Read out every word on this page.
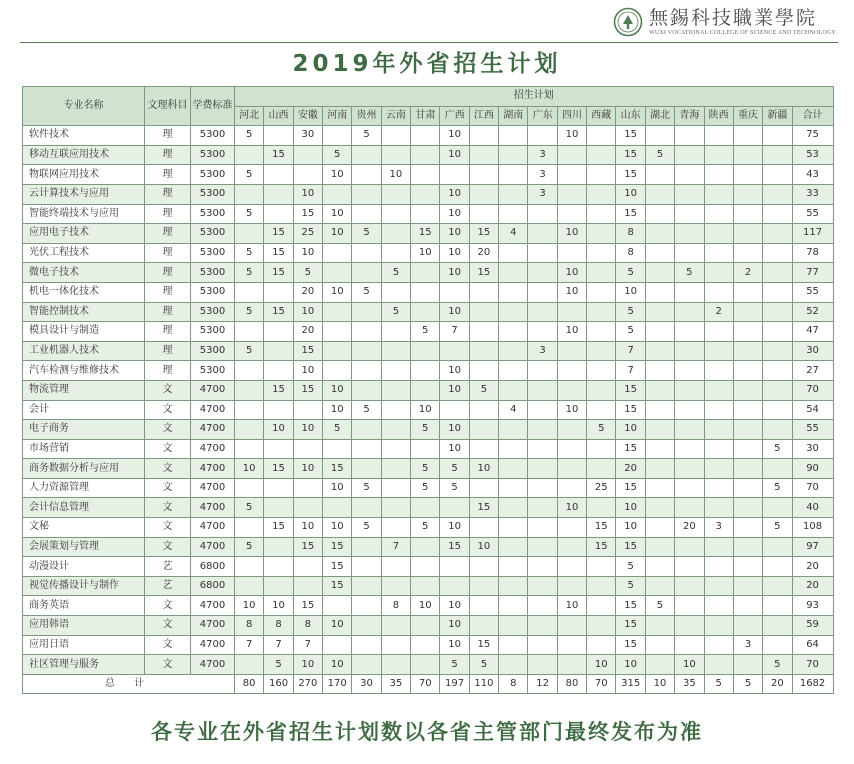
無錫科技職業學院
WUXI VOCATIONAL COLLEGE OF SCIENCE AND TECHNOLOGY
2019年外省招生计划
专业名称	文理科目	学费标准	招生计划																			
			河北	山西	安徽	河南	贵州	云南	甘肃	广西	江西	湖南	广东	四川	西藏	山东	湖北	青海	陕西	重庆	新疆	合计
软件技术	理	5300	5		30		5			10				10		15						75
移动互联应用技术	理	5300		15		5				10			3			15	5					53
物联网应用技术	理	5300	5			10		10					3			15						43
云计算技术与应用	理	5300			10					10			3			10						33
智能终端技术与应用	理	5300	5		15	10				10						15						55
应用电子技术	理	5300		15	25	10	5		15	10	15	4		10		8						117
光伏工程技术	理	5300	5	15	10				10	10	20					8						78
微电子技术	理	5300	5	15	5			5		10	15			10		5		5		2		77
机电一体化技术	理	5300			20	10	5							10		10						55
智能控制技术	理	5300	5	15	10			5		10						5			2			52
模具设计与制造	理	5300			20				5	7				10		5						47
工业机器人技术	理	5300	5		15								3			7						30
汽车检测与维修技术	理	5300			10					10						7						27
物流管理	文	4700		15	15	10				10	5					15						70
会计	文	4700				10	5		10			4		10		15						54
电子商务	文	4700		10	10	5			5	10					5	10						55
市场营销	文	4700								10						15					5	30
商务数据分析与应用	文	4700	10	15	10	15			5	5	10					20						90
人力资源管理	文	4700				10	5		5	5					25	15					5	70
会计信息管理	文	4700	5								15			10		10						40
文秘	文	4700		15	10	10	5		5	10					15	10		20	3		5	108
会展策划与管理	文	4700	5		15	15		7		15	10				15	15						97
动漫设计	艺	6800				15										5						20
视觉传播设计与制作	艺	6800				15										5						20
商务英语	文	4700	10	10	15			8	10	10				10		15	5					93
应用韩语	文	4700	8	8	8	10				10						15						59
应用日语	文	4700	7	7	7					10	15					15				3		64
社区管理与服务	文	4700		5	10	10				5	5				10	10		10			5	70
总 计			80	160	270	170	30	35	70	197	110	8	12	80	70	315	10	35	5	5	20	1682
各专业在外省招生计划数以各省主管部门最终发布为准
